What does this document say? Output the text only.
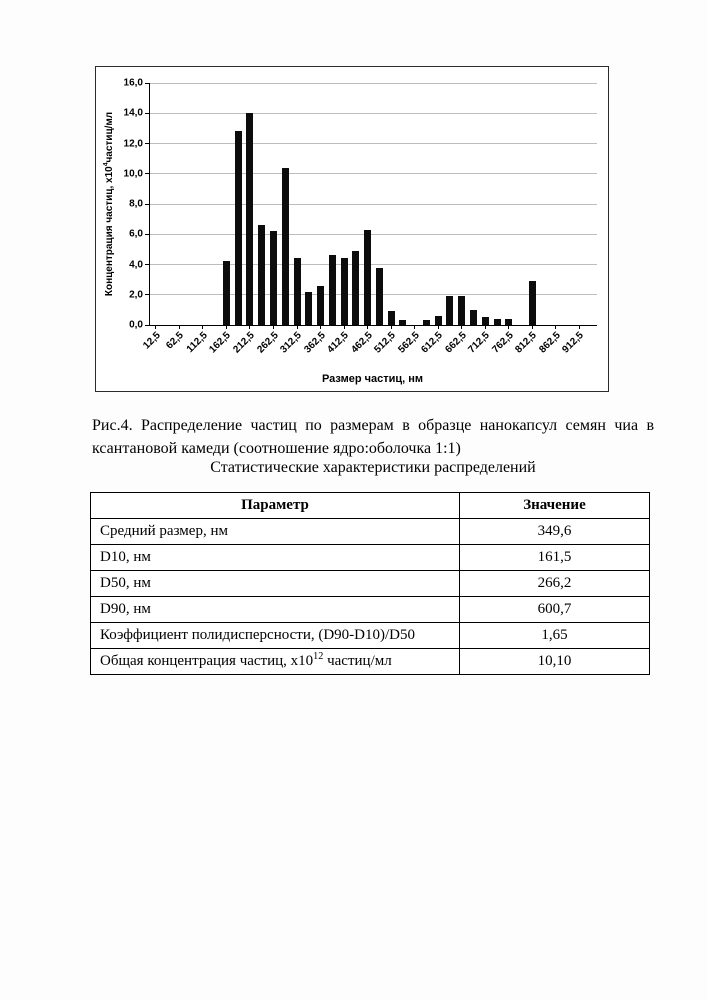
Концентрация частиц, $х10^4частиц/мл$
0,0
2,0
4,0
6,0
8,0
10,0
12,0
14,0
16,0
12,5 62,5
112,5
162,5
212,5
262,5
312,5
362,5
412,5
462,5
512,5
562,5
612,5
662,5
712,5
762,5
812,5
862,5
912,5
Размер частиц, нм

Рис.4. Распределение частиц по размерам в образце нанокапсул семян чиа в ксантановой камеди (соотношение ядро:оболочка 1:1)

Статистические характеристики распределений
Параметр	Значение
Средний размер, нм	349,6
D10, нм	161,5
D50, нм	266,2
D90, нм	600,7
Коэффициент полидисперсности, (D90-D10)/D50	1,65
Общая концентрация частиц, $х10^{12}$ частиц/мл	10,10
